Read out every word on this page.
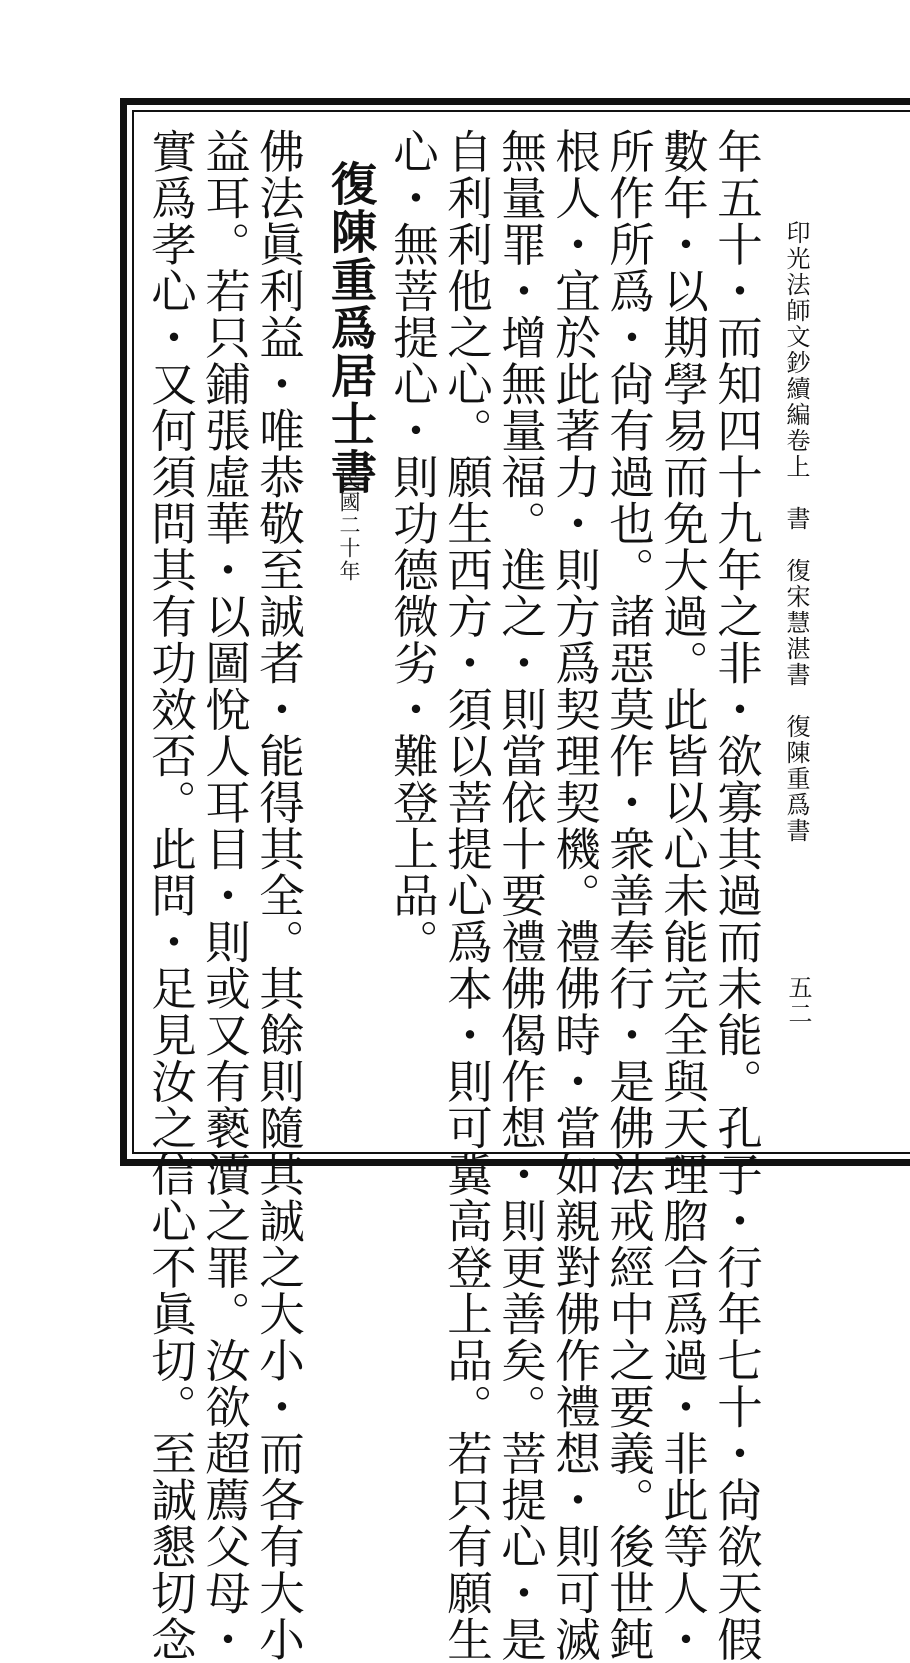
印光法師文鈔續編卷上　書　復宋慧湛書　復陳重爲書
五二
年五十・而知四十九年之非・欲寡其過而未能。孔子・行年七十・尙欲天假
數年・以期學易而免大過。此皆以心未能完全與天理脗合爲過・非此等人・
所作所爲・尙有過也。諸惡莫作・衆善奉行・是佛法戒經中之要義。後世鈍
根人・宜於此著力・則方爲契理契機。禮佛時・當如親對佛作禮想・則可滅
無量罪・增無量福。進之・則當依十要禮佛偈作想・則更善矣。菩提心・是
自利利他之心。願生西方・須以菩提心爲本・則可冀高登上品。若只有願生
心・無菩提心・則功德微劣・難登上品。
復陳重爲居士書
民國二十年
佛法眞利益・唯恭敬至誠者・能得其全。其餘則隨其誠之大小・而各有大小
益耳。若只鋪張虛華・以圖悅人耳目・則或又有褻瀆之罪。汝欲超薦父母・
實爲孝心・又何須問其有功效否。此問・足見汝之信心不眞切。至誠懇切念
